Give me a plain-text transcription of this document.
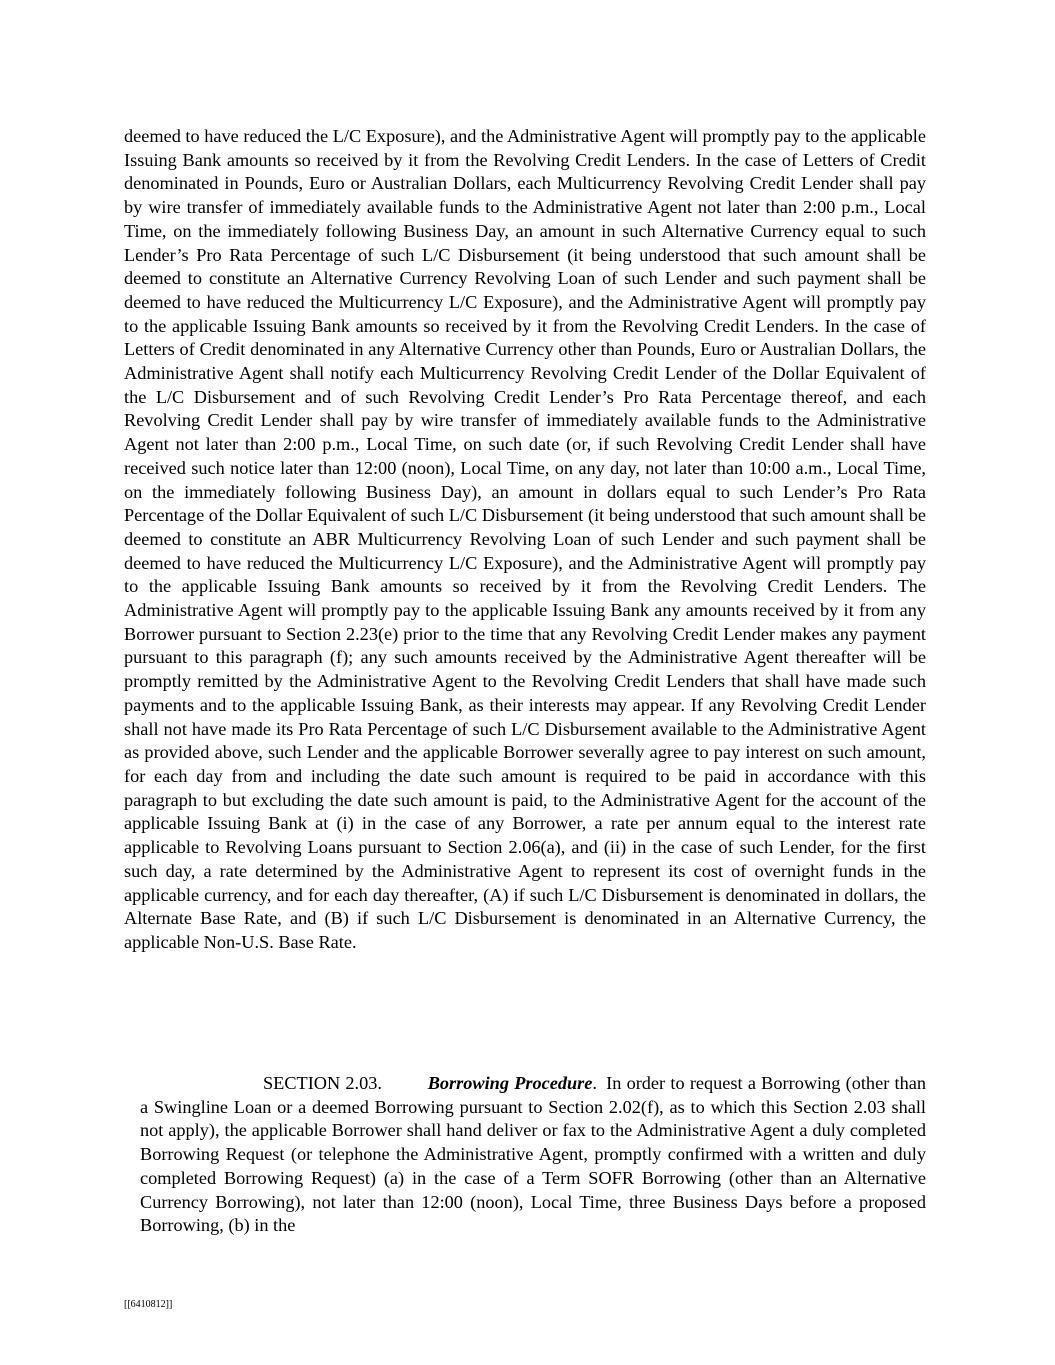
deemed to have reduced the L/C Exposure), and the Administrative Agent will promptly pay to the applicable Issuing Bank amounts so received by it from the Revolving Credit Lenders. In the case of Letters of Credit denominated in Pounds, Euro or Australian Dollars, each Multicurrency Revolving Credit Lender shall pay by wire transfer of immediately available funds to the Administrative Agent not later than 2:00 p.m., Local Time, on the immediately following Business Day, an amount in such Alternative Currency equal to such Lender’s Pro Rata Percentage of such L/C Disbursement (it being understood that such amount shall be deemed to constitute an Alternative Currency Revolving Loan of such Lender and such payment shall be deemed to have reduced the Multicurrency L/C Exposure), and the Administrative Agent will promptly pay to the applicable Issuing Bank amounts so received by it from the Revolving Credit Lenders. In the case of Letters of Credit denominated in any Alternative Currency other than Pounds, Euro or Australian Dollars, the Administrative Agent shall notify each Multicurrency Revolving Credit Lender of the Dollar Equivalent of the L/C Disbursement and of such Revolving Credit Lender’s Pro Rata Percentage thereof, and each Revolving Credit Lender shall pay by wire transfer of immediately available funds to the Administrative Agent not later than 2:00 p.m., Local Time, on such date (or, if such Revolving Credit Lender shall have received such notice later than 12:00 (noon), Local Time, on any day, not later than 10:00 a.m., Local Time, on the immediately following Business Day), an amount in dollars equal to such Lender’s Pro Rata Percentage of the Dollar Equivalent of such L/C Disbursement (it being understood that such amount shall be deemed to constitute an ABR Multicurrency Revolving Loan of such Lender and such payment shall be deemed to have reduced the Multicurrency L/C Exposure), and the Administrative Agent will promptly pay to the applicable Issuing Bank amounts so received by it from the Revolving Credit Lenders. The Administrative Agent will promptly pay to the applicable Issuing Bank any amounts received by it from any Borrower pursuant to Section 2.23(e) prior to the time that any Revolving Credit Lender makes any payment pursuant to this paragraph (f); any such amounts received by the Administrative Agent thereafter will be promptly remitted by the Administrative Agent to the Revolving Credit Lenders that shall have made such payments and to the applicable Issuing Bank, as their interests may appear. If any Revolving Credit Lender shall not have made its Pro Rata Percentage of such L/C Disbursement available to the Administrative Agent as provided above, such Lender and the applicable Borrower severally agree to pay interest on such amount, for each day from and including the date such amount is required to be paid in accordance with this paragraph to but excluding the date such amount is paid, to the Administrative Agent for the account of the applicable Issuing Bank at (i) in the case of any Borrower, a rate per annum equal to the interest rate applicable to Revolving Loans pursuant to Section 2.06(a), and (ii) in the case of such Lender, for the first such day, a rate determined by the Administrative Agent to represent its cost of overnight funds in the applicable currency, and for each day thereafter, (A) if such L/C Disbursement is denominated in dollars, the Alternate Base Rate, and (B) if such L/C Disbursement is denominated in an Alternative Currency, the applicable Non-U.S. Base Rate.
SECTION 2.03.    Borrowing Procedure.  In order to request a Borrowing (other than a Swingline Loan or a deemed Borrowing pursuant to Section 2.02(f), as to which this Section 2.03 shall not apply), the applicable Borrower shall hand deliver or fax to the Administrative Agent a duly completed Borrowing Request (or telephone the Administrative Agent, promptly confirmed with a written and duly completed Borrowing Request) (a) in the case of a Term SOFR Borrowing (other than an Alternative Currency Borrowing), not later than 12:00 (noon), Local Time, three Business Days before a proposed Borrowing, (b) in the
[[6410812]]
